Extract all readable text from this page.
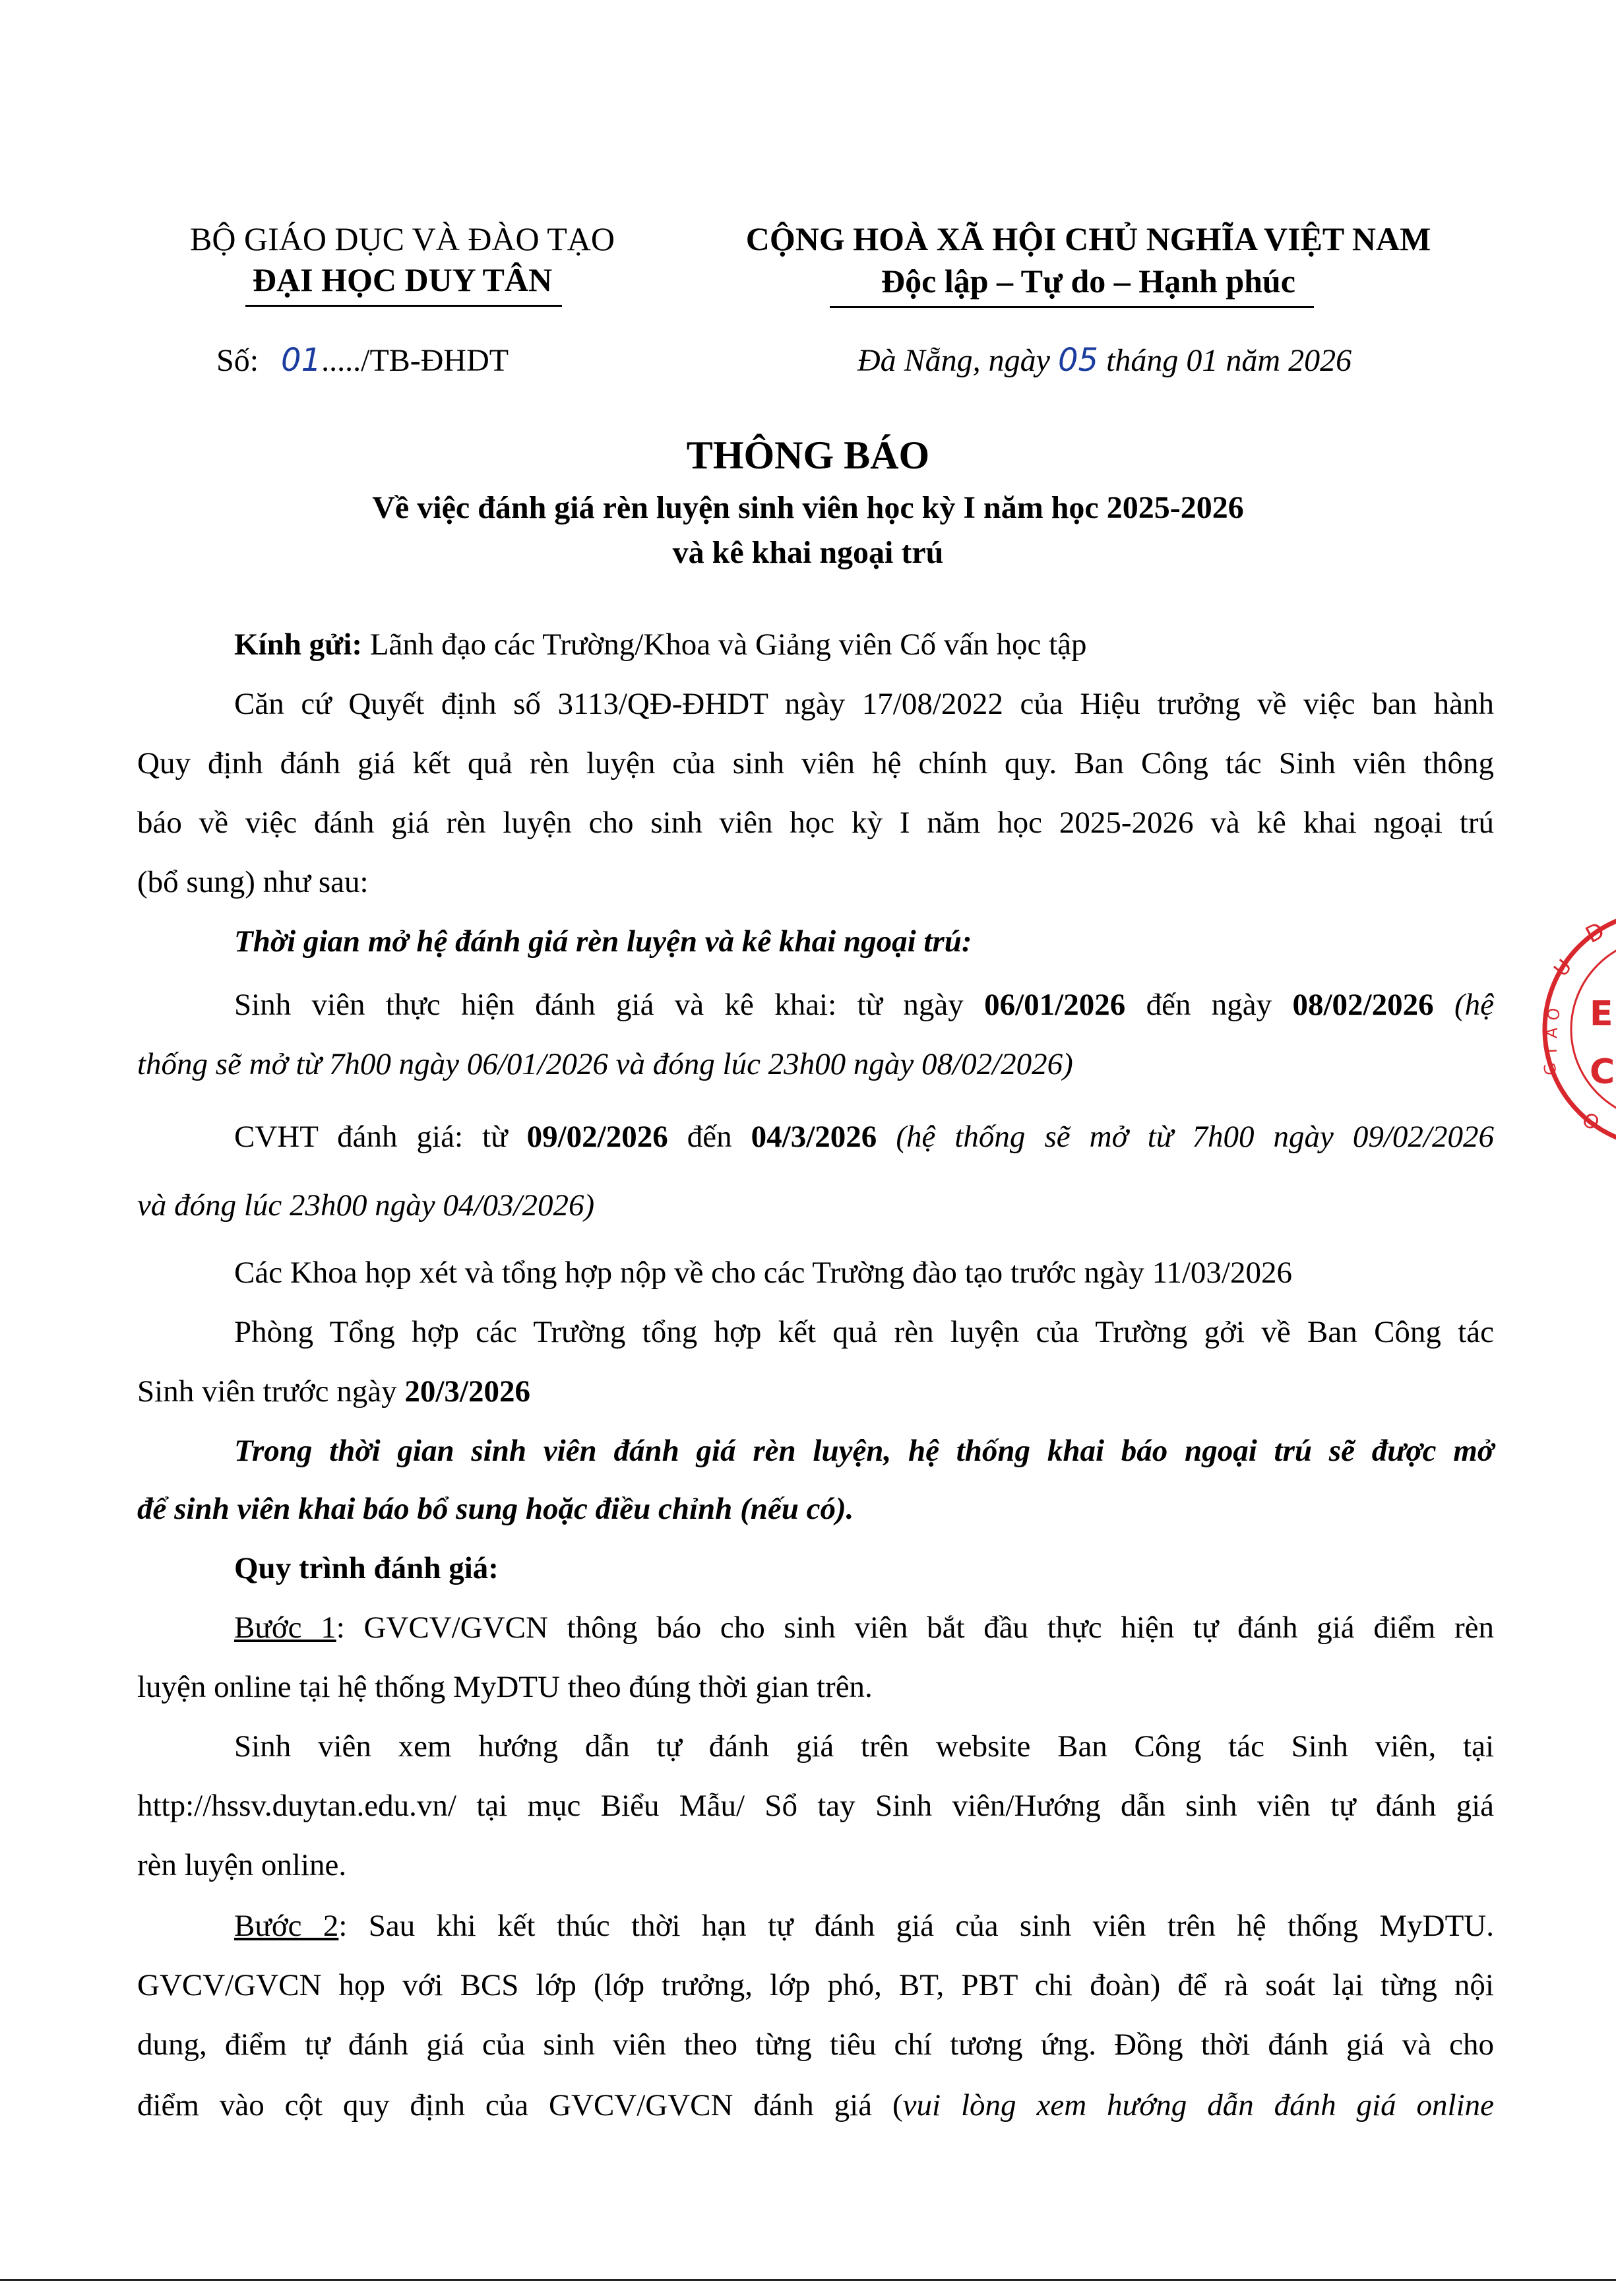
BỘ GIÁO DỤC VÀ ĐÀO TẠO
ĐẠI HỌC DUY TÂN
CỘNG HOÀ XÃ HỘI CHỦ NGHĨA VIỆT NAM
Độc lập – Tự do – Hạnh phúc
Số: 01...../TB-ĐHDT	Đà Nẵng, ngày 05 tháng 01 năm 2026
THÔNG BÁO
Về việc đánh giá rèn luyện sinh viên học kỳ I năm học 2025-2026
và kê khai ngoại trú
Kính gửi: Lãnh đạo các Trường/Khoa và Giảng viên Cố vấn học tập
Căn cứ Quyết định số 3113/QĐ-ĐHDT ngày 17/08/2022 của Hiệu trưởng về việc ban hành
Quy định đánh giá kết quả rèn luyện của sinh viên hệ chính quy. Ban Công tác Sinh viên thông
báo về việc đánh giá rèn luyện cho sinh viên học kỳ I năm học 2025-2026 và kê khai ngoại trú
(bổ sung) như sau:
Thời gian mở hệ đánh giá rèn luyện và kê khai ngoại trú:
Sinh viên thực hiện đánh giá và kê khai: từ ngày 06/01/2026 đến ngày 08/02/2026 (hệ
thống sẽ mở từ 7h00 ngày 06/01/2026 và đóng lúc 23h00 ngày 08/02/2026)
CVHT đánh giá: từ 09/02/2026 đến 04/3/2026 (hệ thống sẽ mở từ 7h00 ngày 09/02/2026
và đóng lúc 23h00 ngày 04/03/2026)
Các Khoa họp xét và tổng hợp nộp về cho các Trường đào tạo trước ngày 11/03/2026
Phòng Tổng hợp các Trường tổng hợp kết quả rèn luyện của Trường gởi về Ban Công tác
Sinh viên trước ngày 20/3/2026
Trong thời gian sinh viên đánh giá rèn luyện, hệ thống khai báo ngoại trú sẽ được mở
để sinh viên khai báo bổ sung hoặc điều chỉnh (nếu có).
Quy trình đánh giá:
Bước 1: GVCV/GVCN thông báo cho sinh viên bắt đầu thực hiện tự đánh giá điểm rèn
luyện online tại hệ thống MyDTU theo đúng thời gian trên.
Sinh viên xem hướng dẫn tự đánh giá trên website Ban Công tác Sinh viên, tại
http://hssv.duytan.edu.vn/ tại mục Biểu Mẫu/ Sổ tay Sinh viên/Hướng dẫn sinh viên tự đánh giá
rèn luyện online.
Bước 2: Sau khi kết thúc thời hạn tự đánh giá của sinh viên trên hệ thống MyDTU.
GVCV/GVCN họp với BCS lớp (lớp trưởng, lớp phó, BT, PBT chi đoàn) để rà soát lại từng nội
dung, điểm tự đánh giá của sinh viên theo từng tiêu chí tương ứng. Đồng thời đánh giá và cho
điểm vào cột quy định của GVCV/GVCN đánh giá (vui lòng xem hướng dẫn đánh giá online
D
U
G
I
Á
O E
C
O
